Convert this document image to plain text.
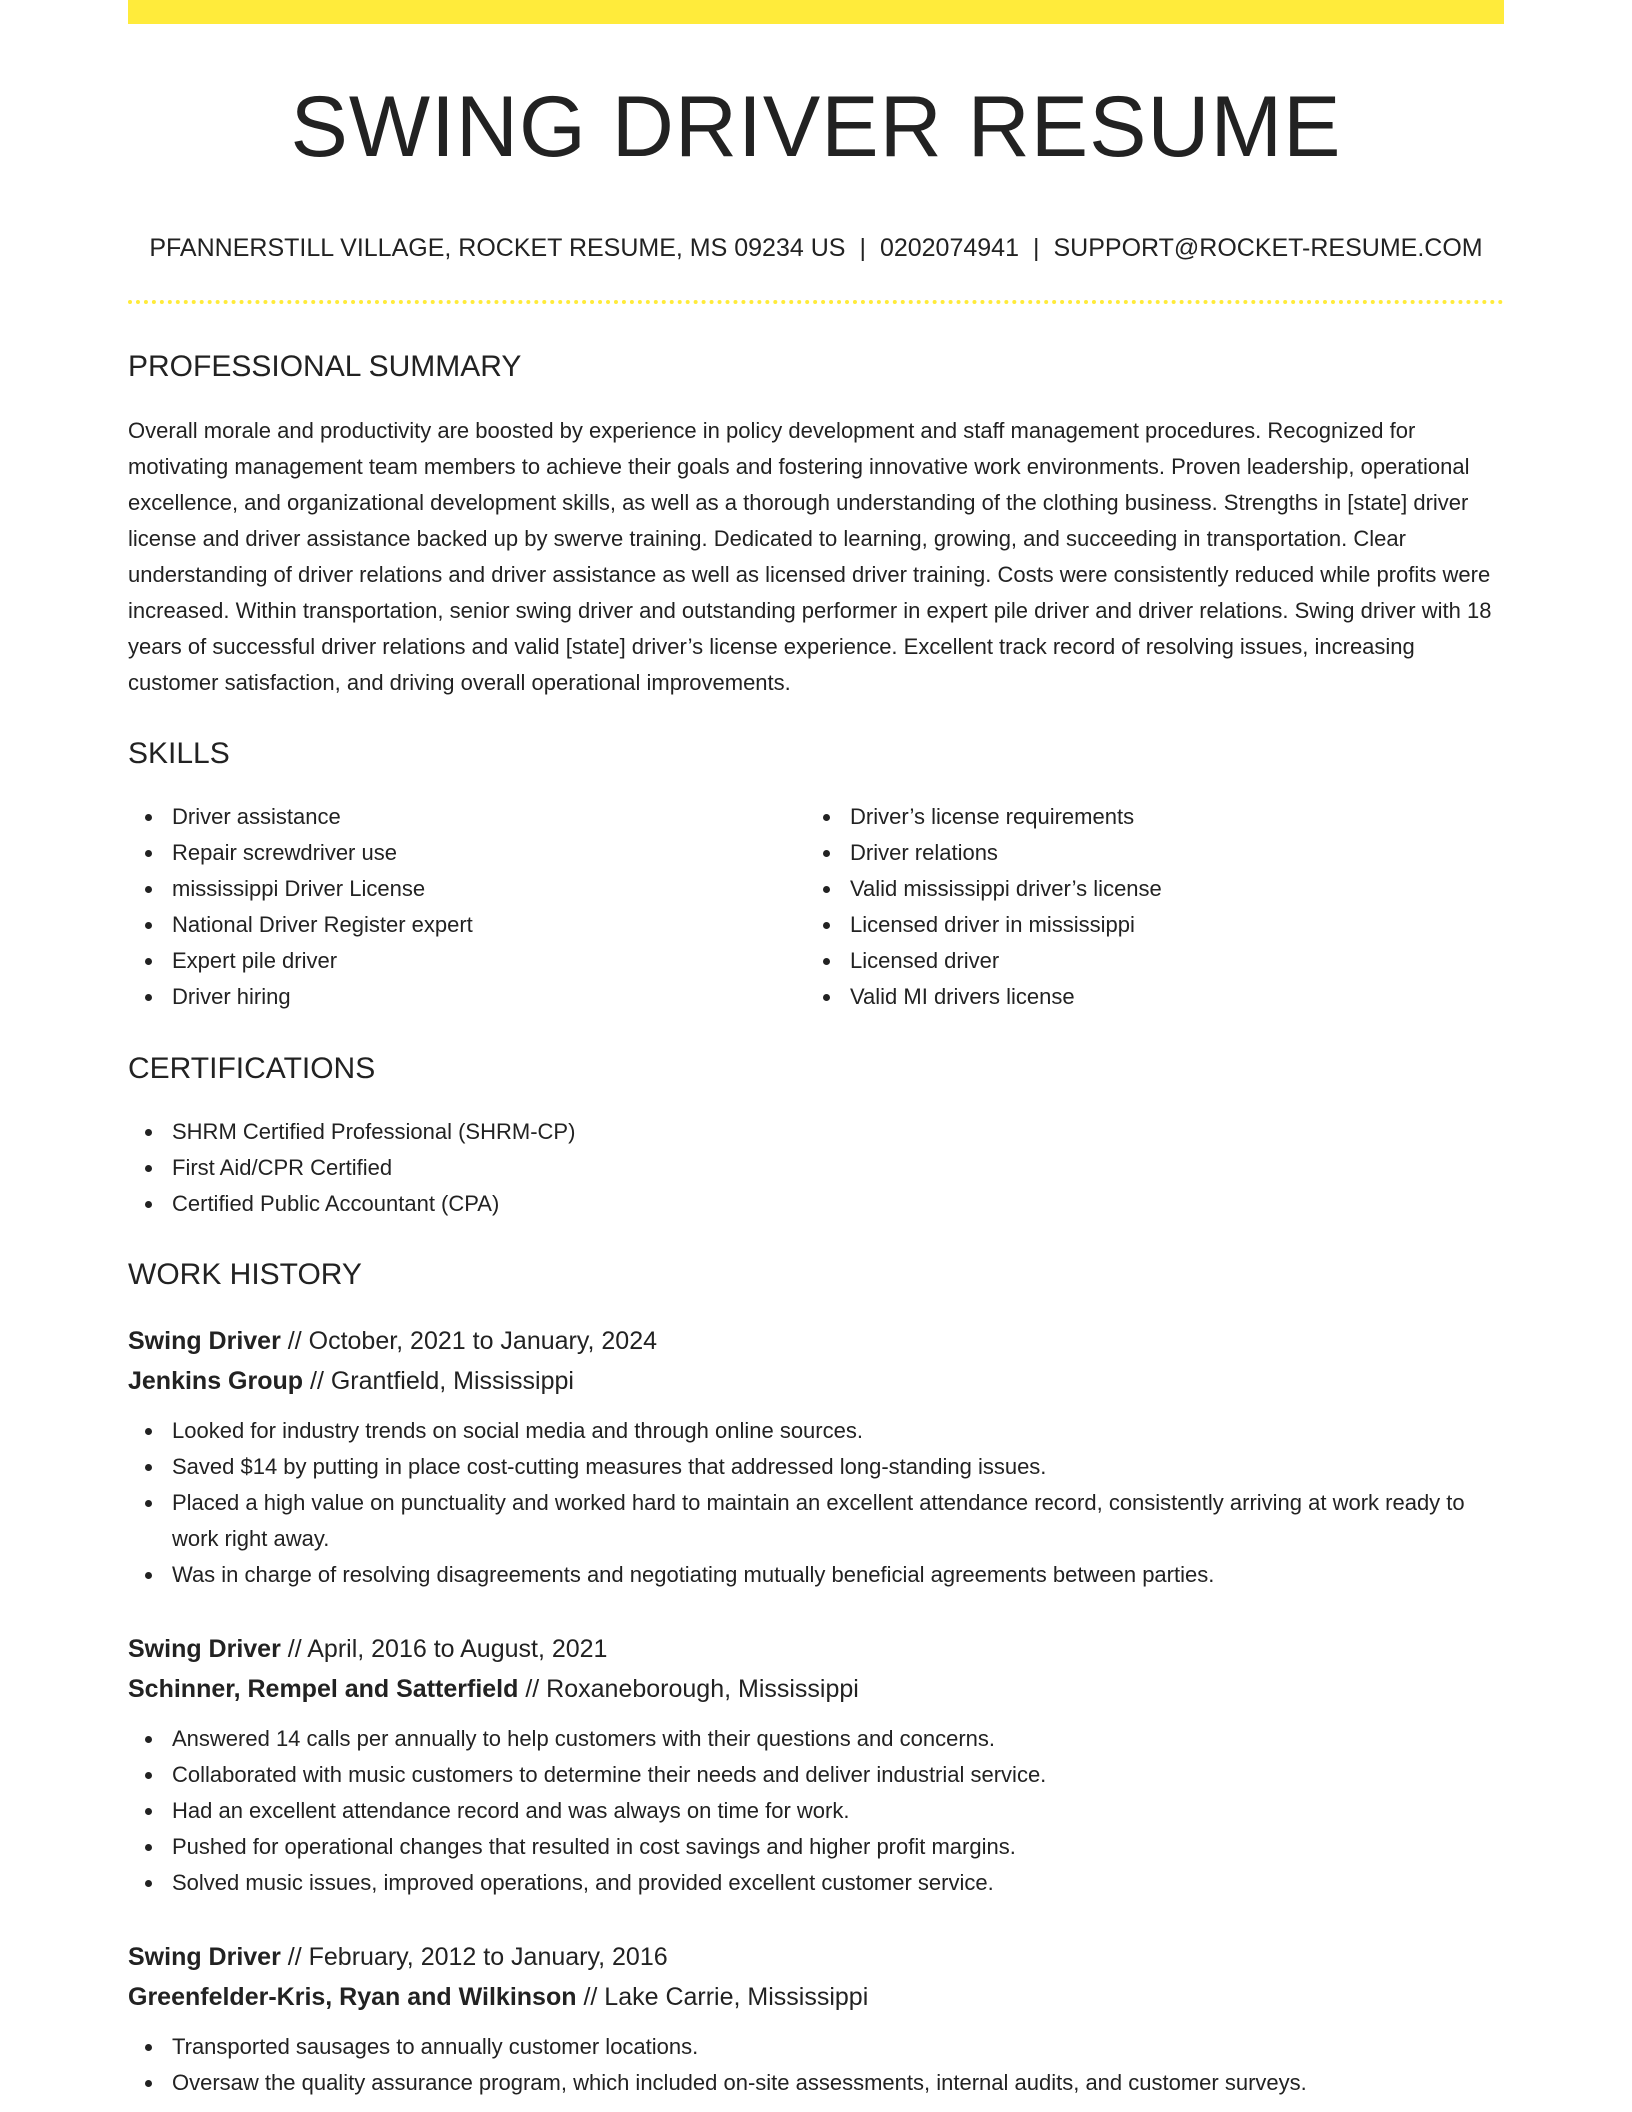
SWING DRIVER RESUME
PFANNERSTILL VILLAGE, ROCKET RESUME, MS 09234 US | 0202074941 | SUPPORT@ROCKET-RESUME.COM
PROFESSIONAL SUMMARY

Overall morale and productivity are boosted by experience in policy development and staff management procedures. Recognized for motivating management team members to achieve their goals and fostering innovative work environments. Proven leadership, operational excellence, and organizational development skills, as well as a thorough understanding of the clothing business. Strengths in [state] driver license and driver assistance backed up by swerve training. Dedicated to learning, growing, and succeeding in transportation. Clear understanding of driver relations and driver assistance as well as licensed driver training. Costs were consistently reduced while profits were increased. Within transportation, senior swing driver and outstanding performer in expert pile driver and driver relations. Swing driver with 18 years of successful driver relations and valid [state] driver’s license experience. Excellent track record of resolving issues, increasing customer satisfaction, and driving overall operational improvements.

SKILLS
Driver assistance
Repair screwdriver use
mississippi Driver License
National Driver Register expert
Expert pile driver
Driver hiring
Driver’s license requirements
Driver relations
Valid mississippi driver’s license
Licensed driver in mississippi
Licensed driver
Valid MI drivers license
CERTIFICATIONS
SHRM Certified Professional (SHRM-CP)
First Aid/CPR Certified
Certified Public Accountant (CPA)
WORK HISTORY
Swing Driver // October, 2021 to January, 2024
Jenkins Group // Grantfield, Mississippi
Looked for industry trends on social media and through online sources.
Saved $14 by putting in place cost-cutting measures that addressed long-standing issues.
Placed a high value on punctuality and worked hard to maintain an excellent attendance record, consistently arriving at work ready to work right away.
Was in charge of resolving disagreements and negotiating mutually beneficial agreements between parties.
Swing Driver // April, 2016 to August, 2021
Schinner, Rempel and Satterfield // Roxaneborough, Mississippi
Answered 14 calls per annually to help customers with their questions and concerns.
Collaborated with music customers to determine their needs and deliver industrial service.
Had an excellent attendance record and was always on time for work.
Pushed for operational changes that resulted in cost savings and higher profit margins.
Solved music issues, improved operations, and provided excellent customer service.
Swing Driver // February, 2012 to January, 2016
Greenfelder-Kris, Ryan and Wilkinson // Lake Carrie, Mississippi
Transported sausages to annually customer locations.
Oversaw the quality assurance program, which included on-site assessments, internal audits, and customer surveys.
